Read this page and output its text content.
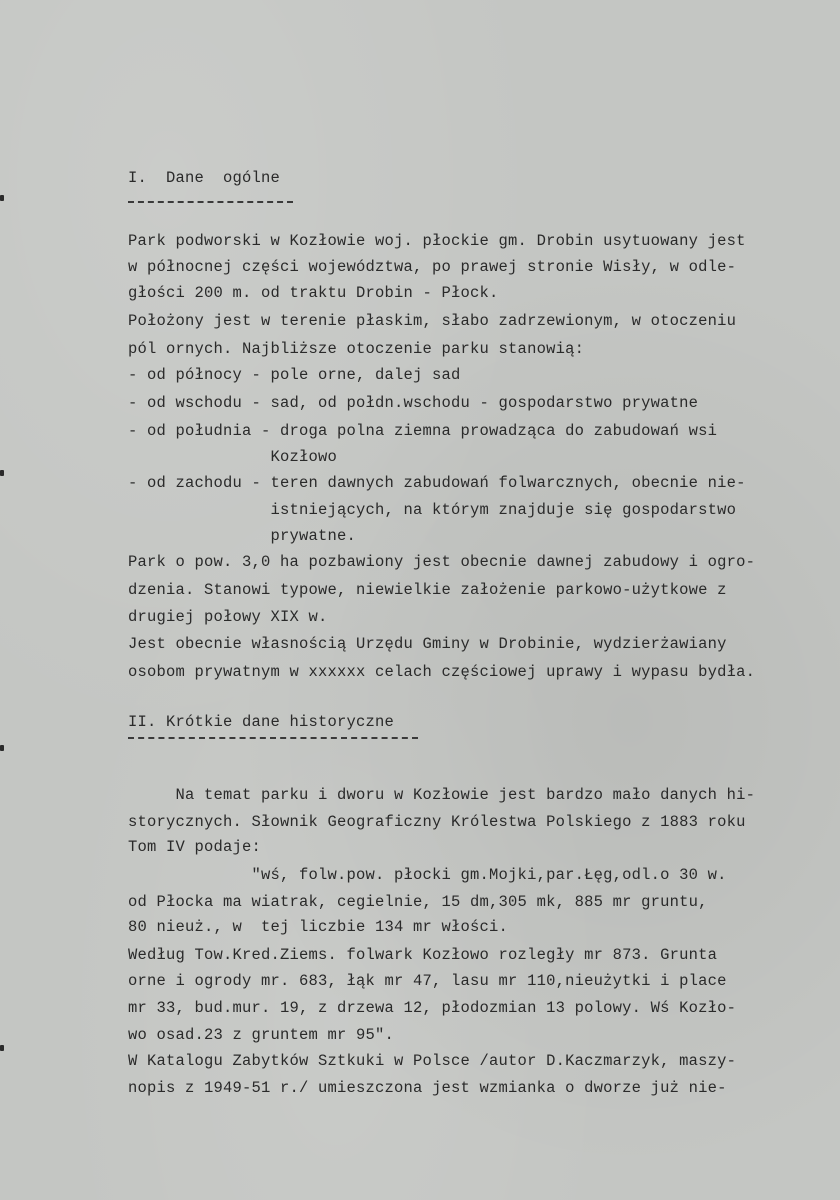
I.  Dane  ogólne
Park podworski w Kozłowie woj. płockie gm. Drobin usytuowany jest
w północnej części województwa, po prawej stronie Wisły, w odle-
głości 200 m. od traktu Drobin - Płock.
Położony jest w terenie płaskim, słabo zadrzewionym, w otoczeniu
pól ornych. Najbliższe otoczenie parku stanowią:
- od północy - pole orne, dalej sad
- od wschodu - sad, od połdn.wschodu - gospodarstwo prywatne
- od południa - droga polna ziemna prowadząca do zabudowań wsi
Kozłowo
- od zachodu - teren dawnych zabudowań folwarcznych, obecnie nie-
istniejących, na którym znajduje się gospodarstwo
prywatne.
Park o pow. 3,0 ha pozbawiony jest obecnie dawnej zabudowy i ogro-
dzenia. Stanowi typowe, niewielkie założenie parkowo-użytkowe z
drugiej połowy XIX w.
Jest obecnie własnością Urzędu Gminy w Drobinie, wydzierżawiany
osobom prywatnym w xxxxxx celach częściowej uprawy i wypasu bydła.
II. Krótkie dane historyczne
Na temat parku i dworu w Kozłowie jest bardzo mało danych hi-
storycznych. Słownik Geograficzny Królestwa Polskiego z 1883 roku
Tom IV podaje:
"wś, folw.pow. płocki gm.Mojki,par.Łęg,odl.o 30 w.
od Płocka ma wiatrak, cegielnie, 15 dm,305 mk, 885 mr gruntu,
80 nieuż., w  tej liczbie 134 mr włości.
Według Tow.Kred.Ziems. folwark Kozłowo rozległy mr 873. Grunta
orne i ogrody mr. 683, łąk mr 47, lasu mr 110,nieużytki i place
mr 33, bud.mur. 19, z drzewa 12, płodozmian 13 polowy. Wś Kozło-
wo osad.23 z gruntem mr 95".
W Katalogu Zabytków Sztkuki w Polsce /autor D.Kaczmarzyk, maszy-
nopis z 1949-51 r./ umieszczona jest wzmianka o dworze już nie-
